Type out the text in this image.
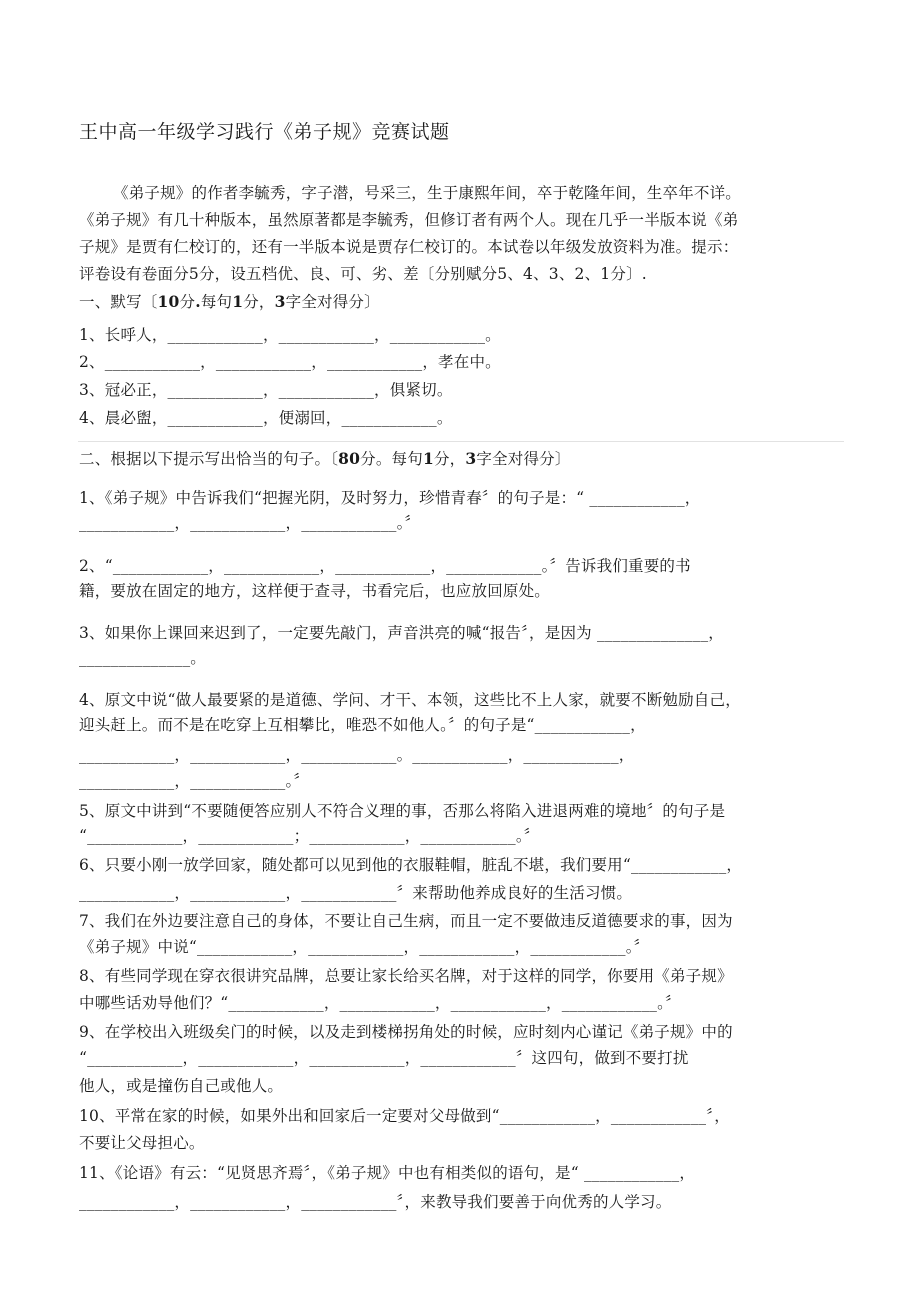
王中高一年级学习践行《弟子规》竞赛试题
《弟子规》的作者李毓秀，字子潜，号采三，生于康熙年间，卒于乾隆年间，生卒年不详。
《弟子规》有几十种版本，虽然原著都是李毓秀，但修订者有两个人。现在几乎一半版本说《弟
子规》是贾有仁校订的，还有一半版本说是贾存仁校订的。本试卷以年级发放资料为准。提示：
评卷设有卷面分5分，设五档优、良、可、劣、差〔分别赋分5、4、3、2、1分〕.
一、默写〔10分.每句1分，3字全对得分〕
1、长呼人，____________，____________，____________。
2、____________，____________，____________，孝在中。
3、冠必正，____________，____________，俱紧切。
4、晨必盥，____________，便溺回，____________。
二、根据以下提示写出恰当的句子。〔80分。每句1分，3字全对得分〕
1、《弟子规》中告诉我们“把握光阴，及时努力，珍惜青春〞的句子是：“ ____________，
____________，____________，____________。〞
2、“____________，____________，____________，____________。〞告诉我们重要的书
籍，要放在固定的地方，这样便于查寻，书看完后，也应放回原处。
3、如果你上课回来迟到了，一定要先敲门，声音洪亮的喊“报告〞，是因为 ______________，
______________。
4、原文中说“做人最要紧的是道德、学问、才干、本领，这些比不上人家，就要不断勉励自己，
迎头赶上。而不是在吃穿上互相攀比，唯恐不如他人。〞的句子是“____________，
____________，____________，____________。____________，____________，
____________，____________。〞
5、原文中讲到“不要随便答应别人不符合义理的事，否那么将陷入进退两难的境地〞的句子是
“____________，____________；____________，____________。〞
6、只要小刚一放学回家，随处都可以见到他的衣服鞋帽，脏乱不堪，我们要用“____________，
____________，____________，____________〞来帮助他养成良好的生活习惯。
7、我们在外边要注意自己的身体，不要让自己生病，而且一定不要做违反道德要求的事，因为
《弟子规》中说“____________，____________，____________，____________。〞
8、有些同学现在穿衣很讲究品牌，总要让家长给买名牌，对于这样的同学，你要用《弟子规》
中哪些话劝导他们？“____________，____________，____________，____________。〞
9、在学校出入班级矣门的时候，以及走到楼梯拐角处的时候，应时刻内心谨记《弟子规》中的
“____________，____________，____________，____________〞这四句，做到不要打扰
他人，或是撞伤自己或他人。
10、平常在家的时候，如果外出和回家后一定要对父母做到“____________，____________〞，
不要让父母担心。
11、《论语》有云：“见贤思齐焉〞，《弟子规》中也有相类似的语句，是“ ____________，
____________，____________，____________〞，来教导我们要善于向优秀的人学习。
